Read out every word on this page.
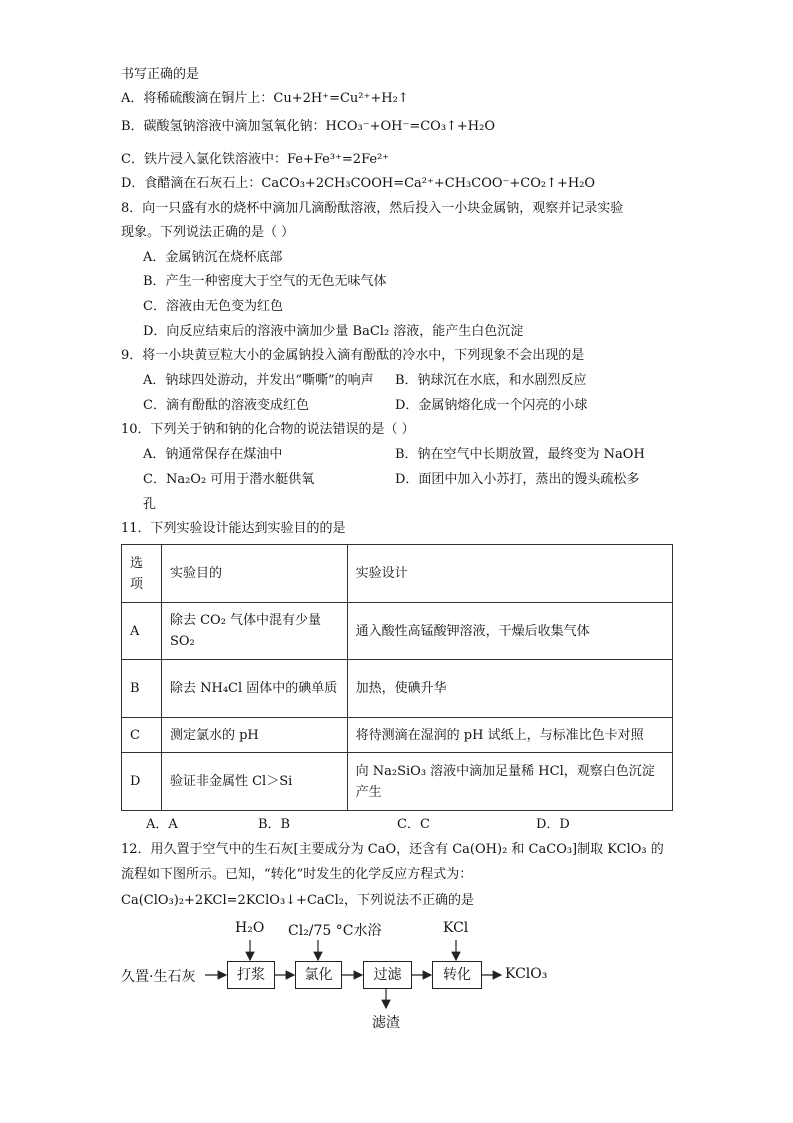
书写正确的是
A．将稀硫酸滴在铜片上：Cu+2H⁺=Cu²⁺+H₂↑
B．碳酸氢钠溶液中滴加氢氧化钠：HCO₃⁻+OH⁻=CO₃↑+H₂O
C．铁片浸入氯化铁溶液中：Fe+Fe³⁺=2Fe²⁺
D．食醋滴在石灰石上：CaCO₃+2CH₃COOH=Ca²⁺+CH₃COO⁻+CO₂↑+H₂O
8．向一只盛有水的烧杯中滴加几滴酚酞溶液，然后投入一小块金属钠，观察并记录实验
现象。下列说法正确的是（ ）
A．金属钠沉在烧杯底部
B．产生一种密度大于空气的无色无味气体
C．溶液由无色变为红色
D．向反应结束后的溶液中滴加少量 BaCl₂ 溶液，能产生白色沉淀
9．将一小块黄豆粒大小的金属钠投入滴有酚酞的冷水中，下列现象不会出现的是
A．钠球四处游动，并发出“嘶嘶”的响声 B．钠球沉在水底，和水剧烈反应
C．滴有酚酞的溶液变成红色	D．金属钠熔化成一个闪亮的小球
10．下列关于钠和钠的化合物的说法错误的是（ ）
A．钠通常保存在煤油中	B．钠在空气中长期放置，最终变为 NaOH
C．Na₂O₂ 可用于潜水艇供氧	D．面团中加入小苏打，蒸出的馒头疏松多
孔
11．下列实验设计能达到实验目的的是
选项	实验目的	实验设计
A	除去 CO₂ 气体中混有少量 SO₂	通入酸性高锰酸钾溶液，干燥后收集气体
B	除去 NH₄Cl 固体中的碘单质	加热，使碘升华
C	测定氯水的 pH	将待测滴在湿润的 pH 试纸上，与标准比色卡对照
D	验证非金属性 Cl＞Si	向 Na₂SiO₃ 溶液中滴加足量稀 HCl，观察白色沉淀产生
A．A	B．B	C．C	D．D
12．用久置于空气中的生石灰[主要成分为 CaO，还含有 Ca(OH)₂ 和 CaCO₃]制取 KClO₃ 的
流程如下图所示。已知，“转化”时发生的化学反应方程式为：
Ca(ClO₃)₂+2KCl=2KClO₃↓+CaCl₂，下列说法不正确的是
久置·生石灰	打浆	氯化	过滤	转化	KClO₃
H₂O Cl₂/75 °C水浴	KCl
滤渣
